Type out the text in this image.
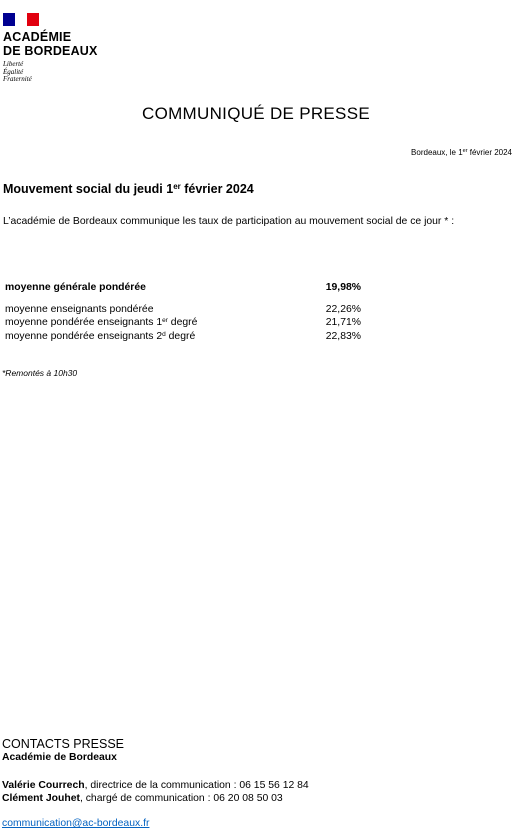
ACADÉMIE
DE BORDEAUX
Liberté
Égalité
Fraternité
COMMUNIQUÉ DE PRESSE
Bordeaux, le 1er février 2024
Mouvement social du jeudi 1er février 2024
L’académie de Bordeaux communique les taux de participation au mouvement social de ce jour * :
moyenne générale pondérée	19,98%
moyenne enseignants pondérée	22,26%
moyenne pondérée enseignants 1er degré	21,71%
moyenne pondérée enseignants 2$^d$ degré	22,83%
*Remontés à 10h30
CONTACTS PRESSE
Académie de Bordeaux
Valérie Courrech, directrice de la communication : 06 15 56 12 84
Clément Jouhet, chargé de communication : 06 20 08 50 03
communication@ac-bordeaux.fr
